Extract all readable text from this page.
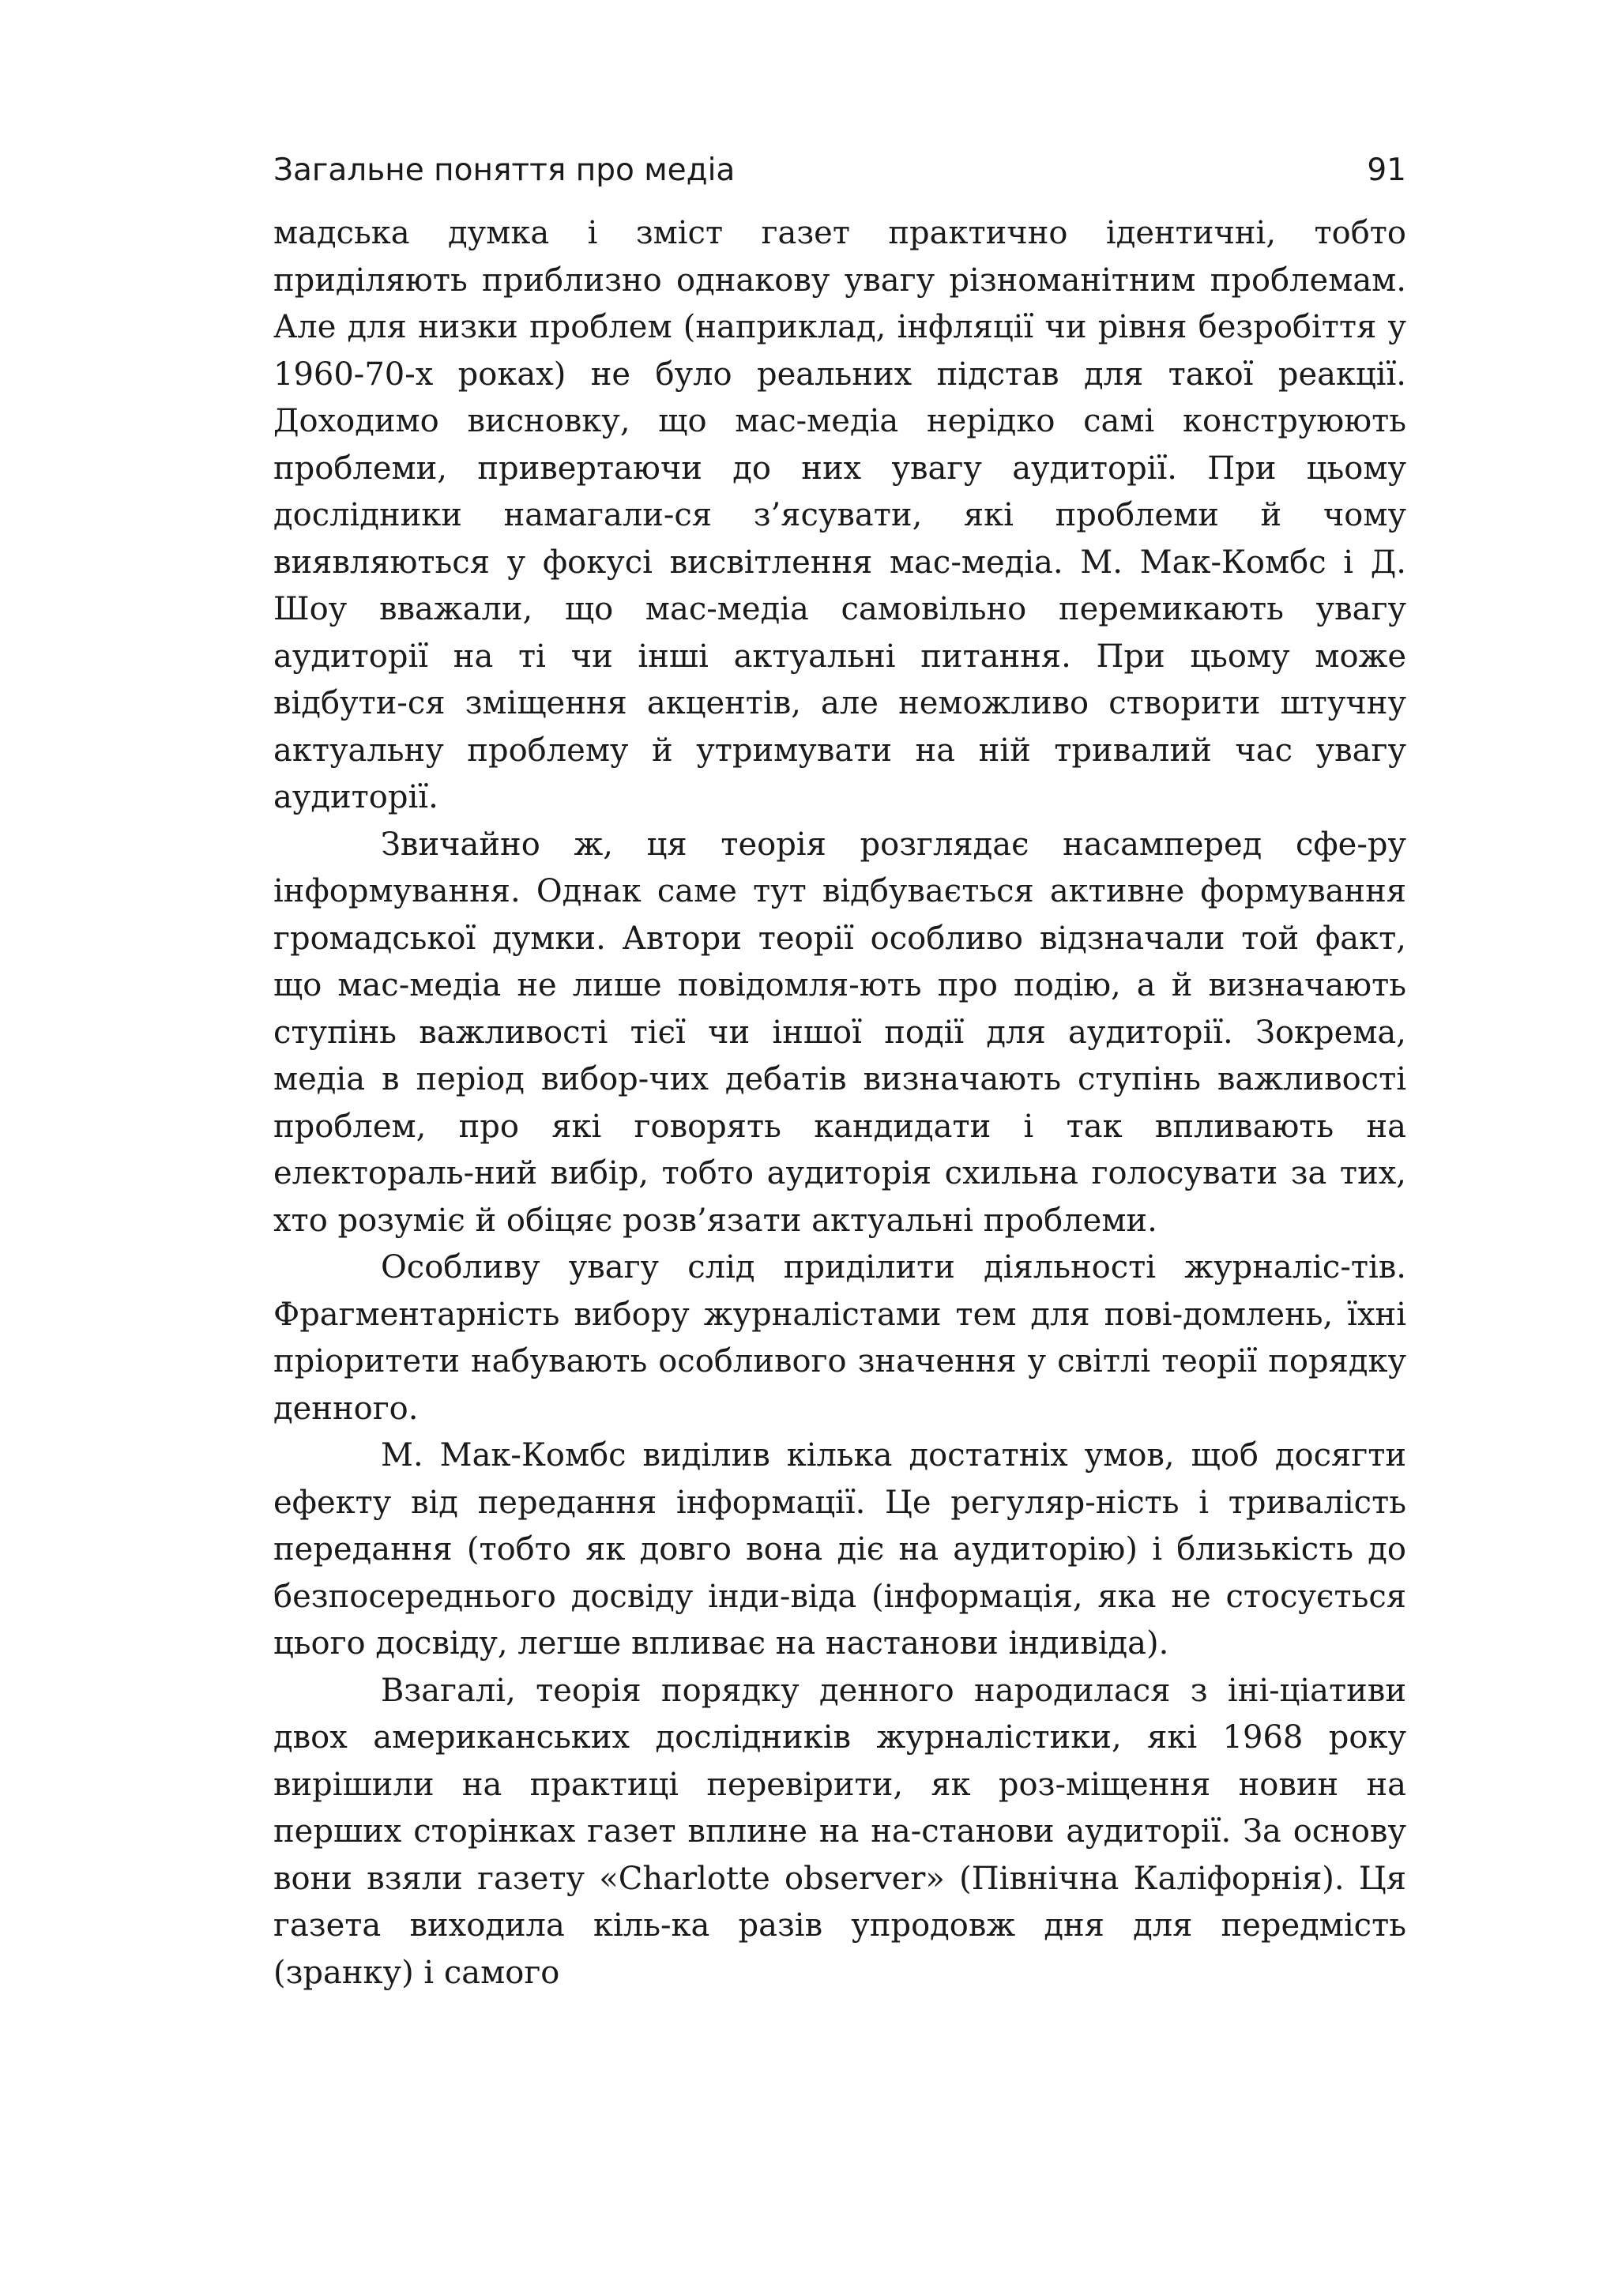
Загальне поняття про медіа	91

мадська думка і зміст газет практично ідентичні, тобто приділяють приблизно однакову увагу різноманітним проблемам. Але для низки проблем (наприклад, інфляції чи рівня безробіття у 1960-70-х роках) не було реальних підстав для такої реакції. Доходимо висновку, що мас-медіа нерідко самі конструюють проблеми, привертаючи до них увагу аудиторії. При цьому дослідники намагали-ся з’ясувати, які проблеми й чому виявляються у фокусі висвітлення мас-медіа. М. Мак-Комбс і Д. Шоу вважали, що мас-медіа самовільно перемикають увагу аудиторії на ті чи інші актуальні питання. При цьому може відбути-ся зміщення акцентів, але неможливо створити штучну актуальну проблему й утримувати на ній тривалий час увагу аудиторії.

Звичайно ж, ця теорія розглядає насамперед сфе-ру інформування. Однак саме тут відбувається активне формування громадської думки. Автори теорії особливо відзначали той факт, що мас-медіа не лише повідомля-ють про подію, а й визначають ступінь важливості тієї чи іншої події для аудиторії. Зокрема, медіа в період вибор-чих дебатів визначають ступінь важливості проблем, про які говорять кандидати і так впливають на електораль-ний вибір, тобто аудиторія схильна голосувати за тих, хто розуміє й обіцяє розв’язати актуальні проблеми.

Особливу увагу слід приділити діяльності журналіс-тів. Фрагментарність вибору журналістами тем для пові-домлень, їхні пріоритети набувають особливого значення у світлі теорії порядку денного.

М. Мак-Комбс виділив кілька достатніх умов, щоб досягти ефекту від передання інформації. Це регуляр-ність і тривалість передання (тобто як довго вона діє на аудиторію) і близькість до безпосереднього досвіду інди-віда (інформація, яка не стосується цього досвіду, легше впливає на настанови індивіда).

Взагалі, теорія порядку денного народилася з іні-ціативи двох американських дослідників журналістики, які 1968 року вирішили на практиці перевірити, як роз-міщення новин на перших сторінках газет вплине на на-станови аудиторії. За основу вони взяли газету «Charlotte observer» (Північна Каліфорнія). Ця газета виходила кіль-ка разів упродовж дня для передмість (зранку) і самого
